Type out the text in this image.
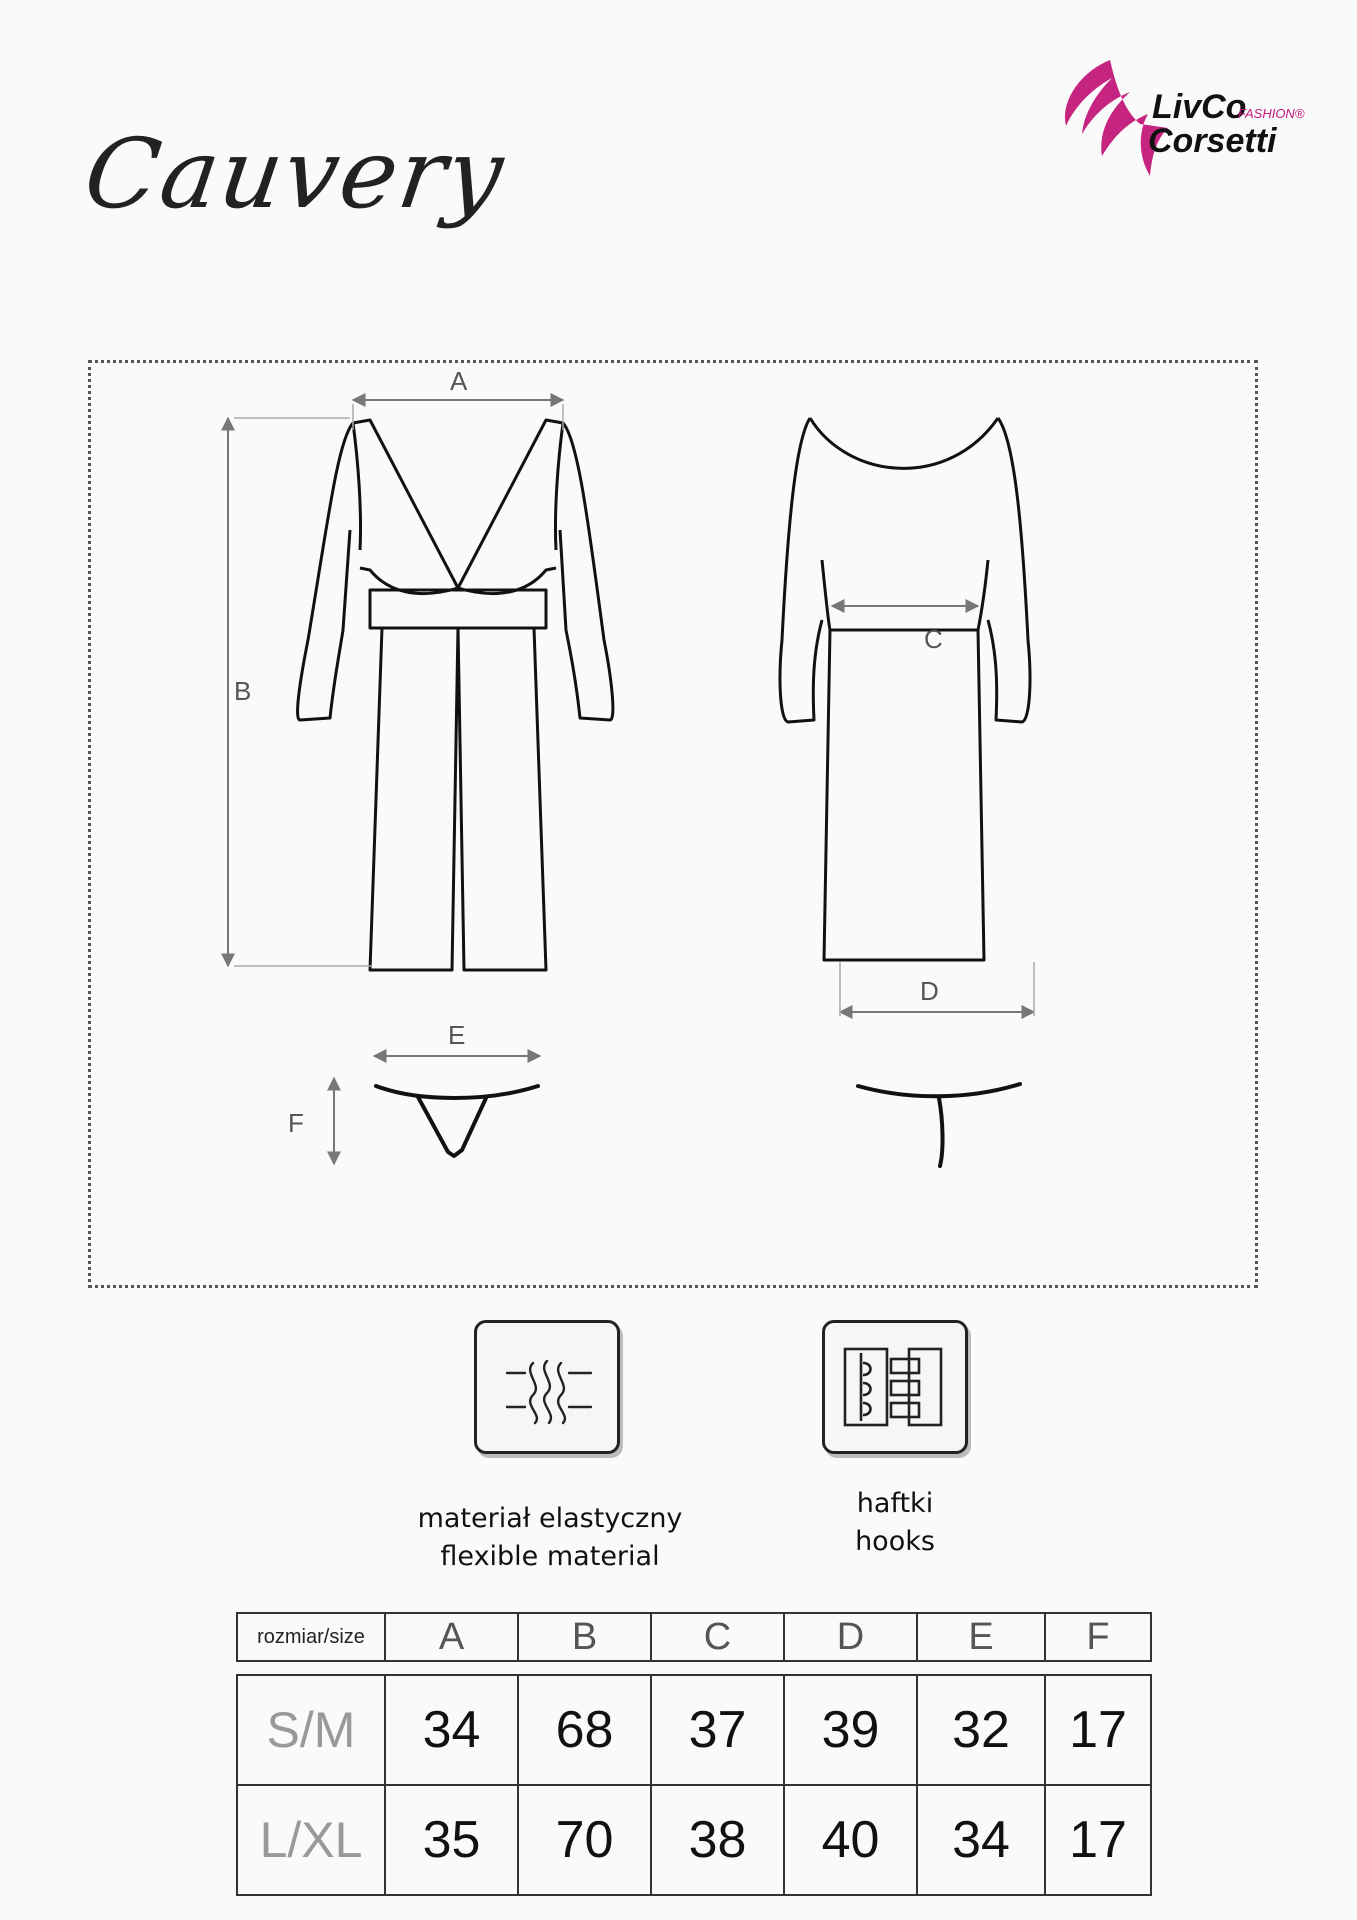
LivCo
FASHION®
Corsetti
Cauvery
A
B
C
D
E
F
materiał elastyczny
flexible material
haftki
hooks
rozmiar/size	A	B	C	D	E	F
S/M	34	68	37	39	32	17
L/XL	35	70	38	40	34	17
